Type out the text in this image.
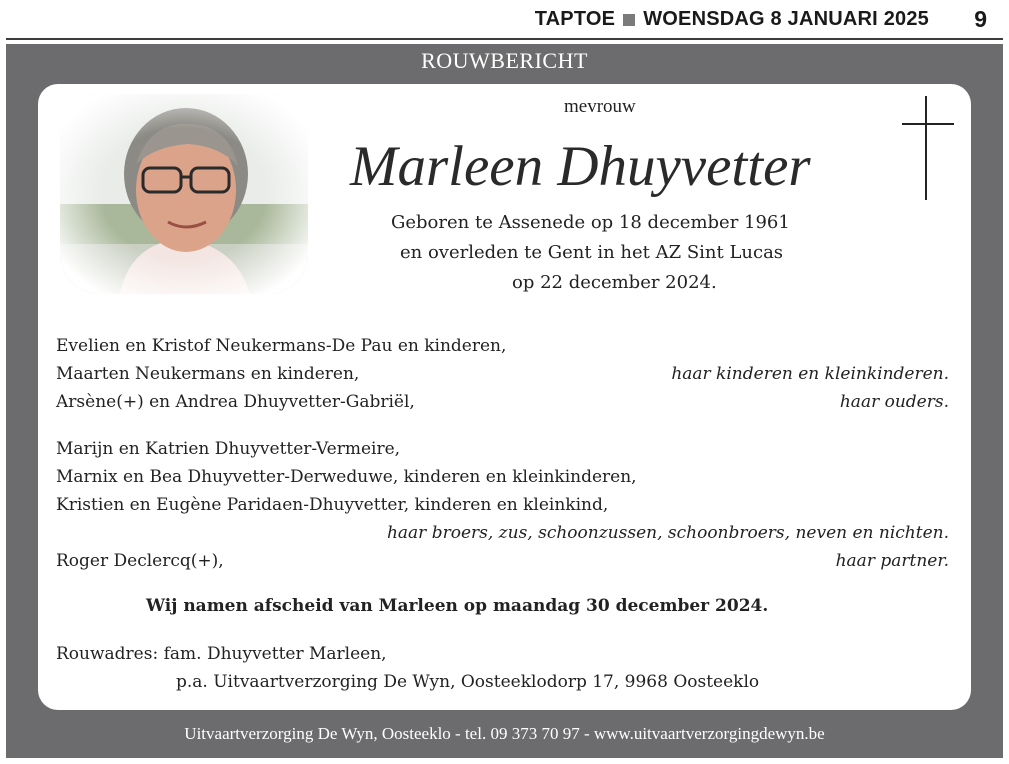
TAPTOE WOENSDAG 8 JANUARI 2025 9
ROUWBERICHT
mevrouw
Marleen Dhuyvetter
Geboren te Assenede op 18 december 1961
en overleden te Gent in het AZ Sint Lucas
op 22 december 2024.
Evelien en Kristof Neukermans-De Pau en kinderen,
Maarten Neukermans en kinderen,	haar kinderen en kleinkinderen.
Arsène(+) en Andrea Dhuyvetter-Gabriël,	haar ouders.
Marijn en Katrien Dhuyvetter-Vermeire,
Marnix en Bea Dhuyvetter-Derweduwe, kinderen en kleinkinderen,
Kristien en Eugène Paridaen-Dhuyvetter, kinderen en kleinkind,
haar broers, zus, schoonzussen, schoonbroers, neven en nichten.
Roger Declercq(+),	haar partner.
Wij namen afscheid van Marleen op maandag 30 december 2024.
Rouwadres: fam. Dhuyvetter Marleen,
p.a. Uitvaartverzorging De Wyn, Oosteeklodorp 17, 9968 Oosteeklo
Uitvaartverzorging De Wyn, Oosteeklo - tel. 09 373 70 97 - www.uitvaartverzorgingdewyn.be
